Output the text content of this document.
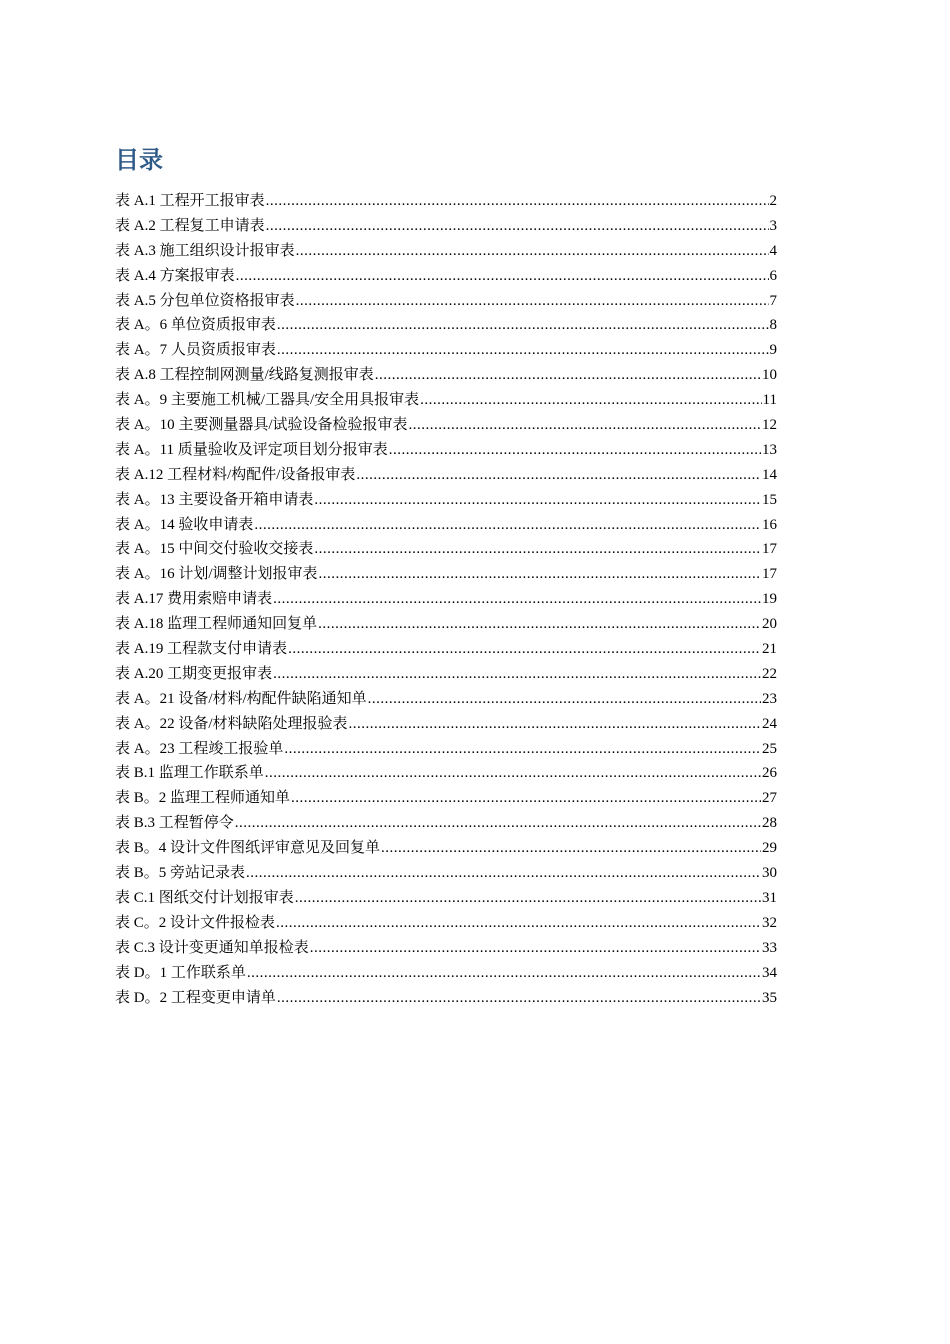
目录
表 A.1 工程开工报审表 .....	2
表 A.2 工程复工申请表 .....	3
表 A.3 施工组织设计报审表 .....	4
表 A.4 方案报审表 .....	6
表 A.5 分包单位资格报审表 .....	7
表 A。6 单位资质报审表 .....	8
表 A。7 人员资质报审表 .....	9
表 A.8 工程控制网测量/线路复测报审表 .....	10
表 A。9 主要施工机械/工器具/安全用具报审表 .....	11
表 A。10 主要测量器具/试验设备检验报审表 .....	12
表 A。11 质量验收及评定项目划分报审表 .....	13
表 A.12 工程材料/构配件/设备报审表 .....	14
表 A。13 主要设备开箱申请表 .....	15
表 A。14 验收申请表 .....	16
表 A。15 中间交付验收交接表 .....	17
表 A。16 计划/调整计划报审表 .....	17
表 A.17 费用索赔申请表 .....	19
表 A.18 监理工程师通知回复单 .....	20
表 A.19 工程款支付申请表 .....	21
表 A.20 工期变更报审表 .....	22
表 A。21 设备/材料/构配件缺陷通知单 .....	23
表 A。22 设备/材料缺陷处理报验表 .....	24
表 A。23 工程竣工报验单 .....	25
表 B.1 监理工作联系单 .....	26
表 B。2 监理工程师通知单 .....	27
表 B.3 工程暂停令 .....	28
表 B。4 设计文件图纸评审意见及回复单 .....	29
表 B。5 旁站记录表 .....	30
表 C.1 图纸交付计划报审表 .....	31
表 C。2 设计文件报检表 .....	32
表 C.3 设计变更通知单报检表 .....	33
表 D。1 工作联系单 .....	34
表 D。2 工程变更申请单 .....	35
